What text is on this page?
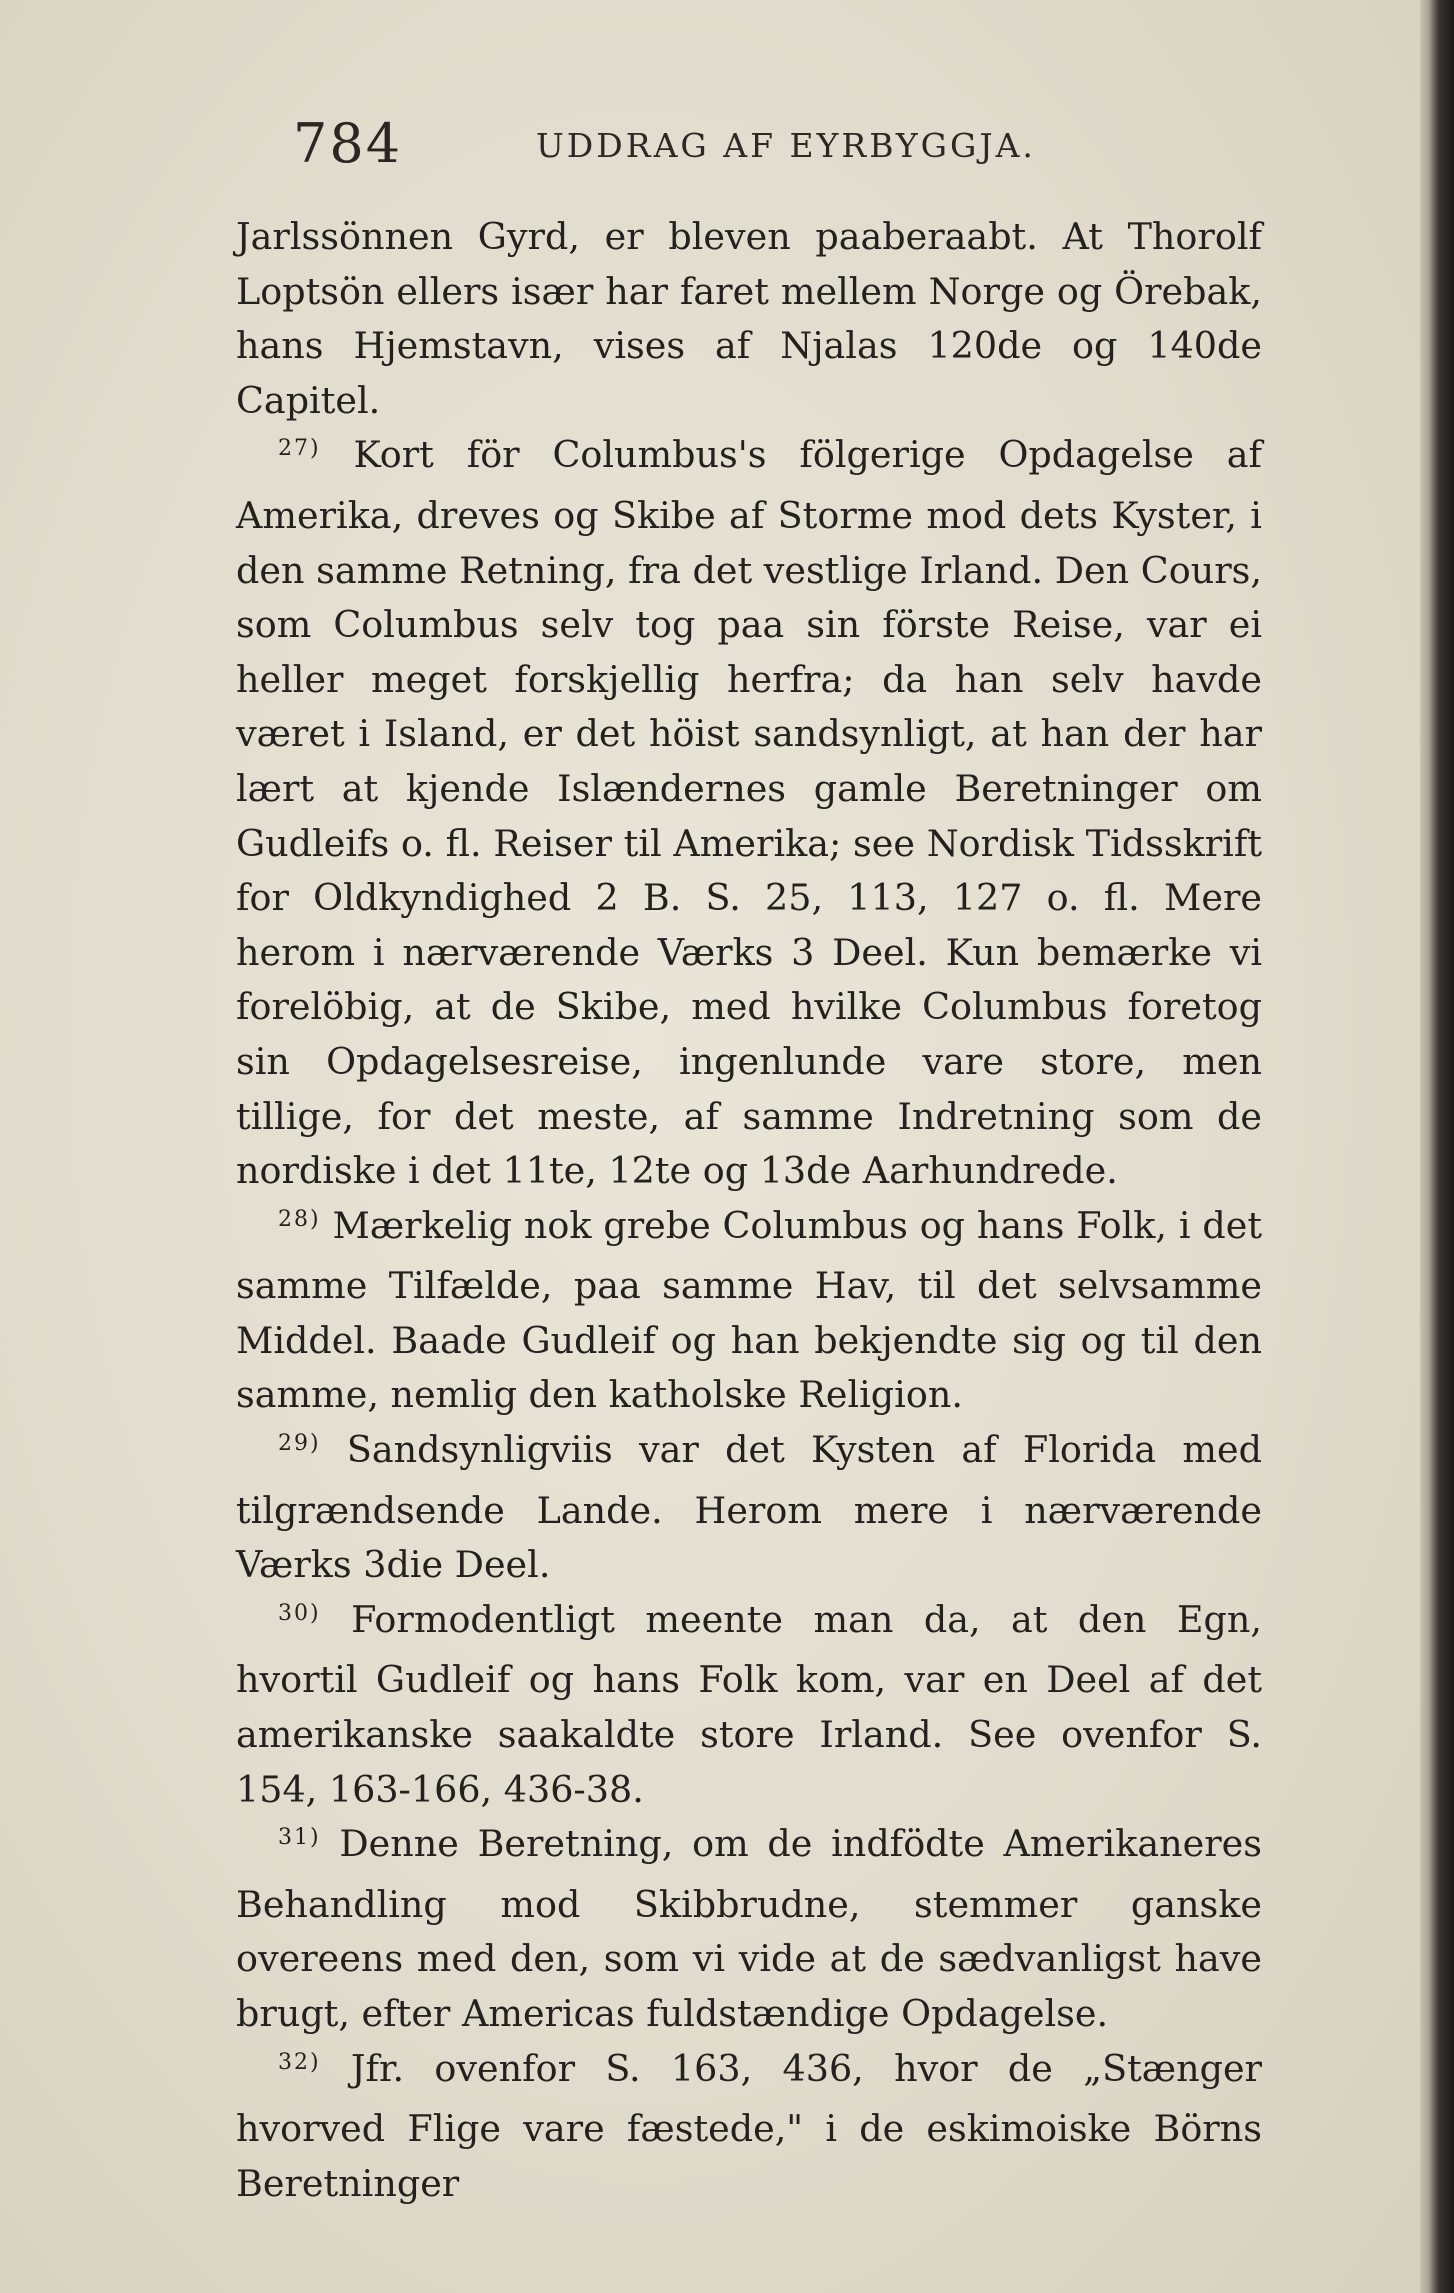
784	UDDRAG AF EYRBYGGJA.

Jarlssönnen Gyrd, er bleven paaberaabt. At Thorolf Loptsön ellers især har faret mellem Norge og Örebak, hans Hjemstavn, vises af Njalas 120de og 140de Capitel.

$^{27)}$ Kort för Columbus's fölgerige Opdagelse af Amerika, dreves og Skibe af Storme mod dets Kyster, i den samme Retning, fra det vestlige Irland. Den Cours, som Columbus selv tog paa sin förste Reise, var ei heller meget forskjellig herfra; da han selv havde været i Island, er det höist sandsynligt, at han der har lært at kjende Islændernes gamle Beretninger om Gudleifs o. fl. Reiser til Amerika; see Nordisk Tidsskrift for Oldkyndighed 2 B. S. 25, 113, 127 o. fl. Mere herom i nærværende Værks 3 Deel. Kun bemærke vi forelöbig, at de Skibe, med hvilke Columbus foretog sin Opdagelsesreise, ingenlunde vare store, men tillige, for det meste, af samme Indretning som de nordiske i det 11te, 12te og 13de Aarhundrede.

$^{28)}$ Mærkelig nok grebe Columbus og hans Folk, i det samme Tilfælde, paa samme Hav, til det selvsamme Middel. Baade Gudleif og han bekjendte sig og til den samme, nemlig den katholske Religion.

$^{29)}$ Sandsynligviis var det Kysten af Florida med tilgrændsende Lande. Herom mere i nærværende Værks 3die Deel.

$^{30)}$ Formodentligt meente man da, at den Egn, hvortil Gudleif og hans Folk kom, var en Deel af det amerikanske saakaldte store Irland. See ovenfor S. 154, 163-166, 436-38.

$^{31)}$ Denne Beretning, om de indfödte Amerikaneres Behandling mod Skibbrudne, stemmer ganske overeens med den, som vi vide at de sædvanligst have brugt, efter Americas fuldstændige Opdagelse.

$^{32)}$ Jfr. ovenfor S. 163, 436, hvor de „Stænger hvorved Flige vare fæstede," i de eskimoiske Börns Beretninger
